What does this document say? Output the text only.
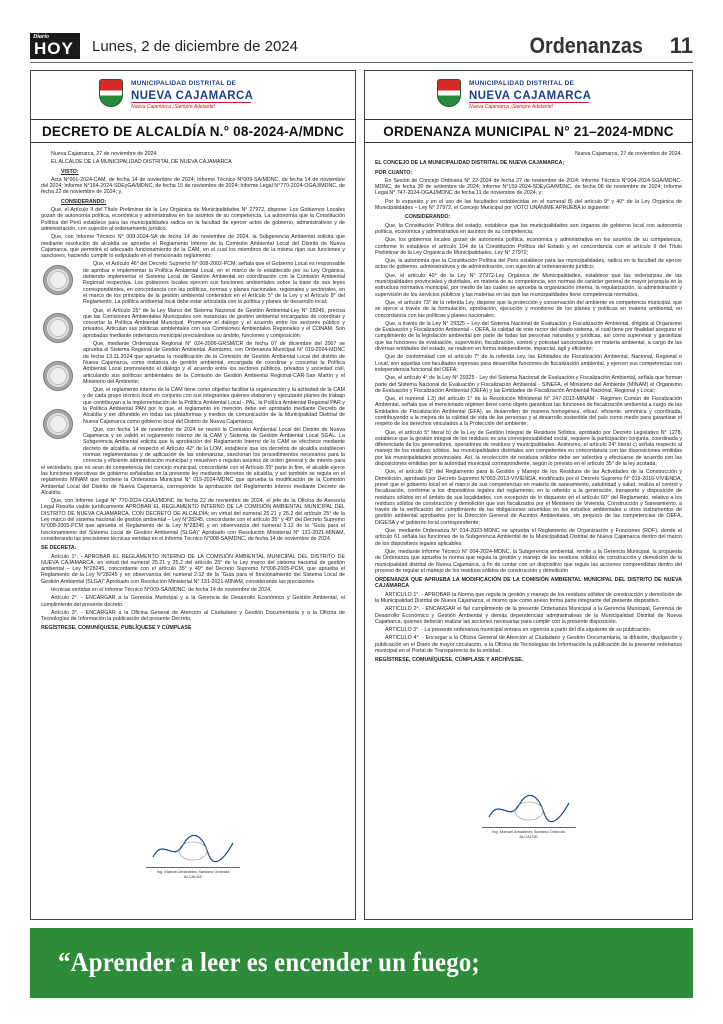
Diario
HOY Lunes, 2 de diciembre de 2024	Ordenanzas 11
MUNICIPALIDAD DISTRITAL DE
NUEVA CAJAMARCA
Nueva Cajamarca ¡Siempre Adelante!
DECRETO DE ALCALDÍA N.° 08-2024-A/MDNC

Nueva Cajamarca, 27 de noviembre de 2024

EL ALCALDE DE LA MUNICIPALIDAD DISTRITAL DE NUEVA CAJAMARCA

VISTO:

Acta N°001-2024-CAM, de fecha 14 de noviembre de 2024; Informe Técnico N°009-SA/MDNC, de fecha 14 de noviembre del 2024; Informe N°164-2024-SDEyGA/MDNC, de fecha 15 de noviembre de 2024; Informe Legal N°770-2024-OGAJ/MDNC, de fecha 22 de noviembre de 2024; y,

CONSIDERANDO:

Que, el Artículo II del Título Preliminar de la Ley Orgánica de Municipalidades N° 27972, dispone: Los Gobiernos Locales gozan de autonomía política, económica y administrativa en los asuntos de su competencia. La autonomía que la Constitución Política del Perú establece para las municipalidades radica en la facultad de ejercer actos de gobierno, administrativos y de administración, con sujeción al ordenamiento jurídico.

Que, con Informe Técnico N° 008-2024-SA de fecha 14 de noviembre de 2024, la Subgerencia Ambiental solicita que mediante resolución de alcaldía se apruebe el Reglamento Interno de la Comisión Ambiental Local del Distrito de Nueva Cajamarca, que permitirá el adecuado funcionamiento de la CAM, en el cual los miembros de la misma rijan sus funciones y sanciones, haciendo cumplir lo estipulado en el mencionado reglamento;

Que, el Artículo 46° del Decreto Supremo N° 008-2002-PCM, señala que el Gobierno Local es responsable de aprobar e implementar la Política Ambiental Local, en el marco de lo establecido por su Ley Orgánica, debiendo implementar el Sistema Local de Gestión Ambiental en coordinación con la Comisión Ambiental Regional respectiva. Los gobiernos locales ejercen sus funciones ambientales sobre la base de sus leyes correspondientes, en concordancia con las políticas, normas y planes nacionales, regionales y sectoriales, en el marco de los principios de la gestión ambiental contenidos en el Artículo 5° de la Ley y el Artículo 8° del Reglamento. La política ambiental local debe estar articulada con la política y planes de desarrollo local;

Que, el Artículo 25° de la Ley Marco del Sistema Nacional de Gestión Ambiental-Ley N° 28245, precisa que las Comisiones Ambientales Municipales son instancias de gestión ambiental encargadas de coordinar y concertar la Política Ambiental Municipal. Promueve el diálogo y el acuerdo entre los sectores público y privados. Articulan sus políticas ambientales con sus Comisiones Ambientales Regionales y el CONAM. Son aprobadas mediante ordenanza municipal precisándose su ámbito, funciones y composición;

Que, mediante Ordenanza Regional N° 024-2006-GRSM/CR de fecha 07 de diciembre del 2007 se aprueba el Sistema Regional de Gestión Ambiental. Asimismo, con Ordenanza Municipal N° 019-2024-MDNC de fecha 13.11.2024 que aprueba la modificación de la Comisión de Gestión Ambiental Local del distrito de Nueva Cajamarca, como instancia de gestión ambiental, encargada de coordinar y concertar la Política Ambiental Local promoviendo el diálogo y el acuerdo entre los sectores públicos, privados y sociedad civil, articulando sus políticas ambientales de la Comisión de Gestión Ambiental Regional-CAR-San Martín y el Ministerio del Ambiente;

Que, el reglamento interno de la CAM tiene como objetivo facilitar la organización y la actividad de la CAM y de cada grupo técnico local en conjunto con sus integrantes quienes elaboran y ejecutarán planes de trabajo que contribuyan a la implementación de la Política Ambiental Local - PAL, la Política Ambiental Regional PAR y la Política Ambiental PAN por lo que, el reglamento en mención debe ser aprobado mediante Decreto de Alcaldía y ser difundido en todas las plataformas y medios de comunicación de la Municipalidad Distrital de Nueva Cajamarca como gobierno local del Distrito de Nueva Cajamarca;

Que, con fecha 14 de noviembre de 2024 se reunió la Comisión Ambiental Local del Distrito de Nueva Cajamarca y se validó el reglamento interno de la CAM y Sistema de Gestión Ambiental Local SGAL. La Subgerencia Ambiental solicita que la aprobación del Reglamento Interno de la CAM se efectivice mediante decreto de alcaldía, al respecto el Artículo 42° de la LOM, establece que los decretos de alcaldía establecen normas reglamentarias y de aplicación de las ordenanzas, sancionan los procedimientos necesarios para la correcta y eficiente administración municipal y resuelven o regulan asuntos de orden general y de interés para el vecindario, que no sean de competencia del concejo municipal, concordante con el Artículo 39° parte in fine, el alcalde ejerce las funciones ejecutivas de gobierno señaladas en la presente ley mediante decretos de alcaldía, y así también se regula en el reglamento MINAM que contiene la Ordenanza Municipal N° 019-2024-MDNC que aprueba la modificación de la Comisión Ambiental Local del Distrito de Nueva Cajamarca, corresponde la aprobación del Reglamento Interno mediante Decreto de Alcaldía;

Que, con Informe Legal N° 770-2024-OGAJ/MDNC de fecha 22 de noviembre de 2024, el jefe de la Oficina de Asesoría Legal Resulta viable jurídicamente APROBAR EL REGLAMENTO INTERNO DE LA COMISIÓN AMBIENTAL MUNICIPAL DEL DISTRITO DE NUEVA CAJAMARCA, CON DECRETO DE ALCALDÍA; en virtud del numeral 25.21 y 25.2 del artículo 25° de la Ley marco del sistema nacional de gestión ambiental – Ley N°28245, concordante con el artículo 35° y 49° del Decreto Supremo N°008-2005-PCM que aprueba el Reglamento de la Ley N°28245 y en observancia del numeral 2.12 de la “Guía para el funcionamiento del Sistema Local de Gestión Ambiental (SLGA)” Aprobado con Resolución Ministerial N° 131-2021-MINAM, considerando las precisiones técnicas vertidas en el Informe Técnico N°008-SA/MDNC, de fecha 14 de noviembre de 2024.

SE DECRETA:

Artículo 1°. - APROBAR EL REGLAMENTO INTERNO DE LA COMISIÓN AMBIENTAL MUNICIPAL DEL DISTRITO DE NUEVA CAJAMARCA, en virtud del numeral 25.21 y 25.2 del artículo 25° de la Ley marco del sistema nacional de gestión ambiental – Ley N°28245, concordante con el artículo 35° y 49° del Decreto Supremo N°008-2005-PCM, que aprueba el Reglamento de la Ley N°28245 y en observancia del numeral 2.12 de la “Guía para el funcionamiento del Sistema Local de Gestión Ambiental (SLGA)” Aprobado con Resolución Ministerial N° 131-2021-MINAM, considerando las precisiones

técnicas vertidas en el Informe Técnico N°009-SA/MDNC, de fecha 14 de noviembre de 2024.

Artículo 2°. - ENCARGAR a la Gerencia Municipal y a la Gerencia de Desarrollo Económico y Gestión Ambiental, el cumplimiento del presente decreto.

Artículo 3°. - ENCARGAR a la Oficina General de Atención al Ciudadano y Gestión Documentaria y a la Oficina de Tecnologías de Información la publicación del presente Decreto.

REGÍSTRESE, COMUNÍQUESE, PUBLÍQUESE Y CÚMPLASE

Ing. Manuel Aristóteles Santana Ordinola
ALCALDE
MUNICIPALIDAD DISTRITAL DE
NUEVA CAJAMARCA
Nueva Cajamarca ¡Siempre Adelante!
ORDENANZA MUNICIPAL N° 21–2024-MDNC

Nueva Cajamarca, 27 de noviembre de 2024.

EL CONCEJO DE LA MUNICIPALIDAD DISTRITAL DE NUEVA CAJAMARCA;

POR CUANTO:

En Sesión de Concejo Ordinaria N° 22-2024 de fecha 27 de noviembre de 2024; Informe Técnico N°004-2024-SGA/MDNC-MDNC, de fecha 30 de setiembre de 2024; Informe N°159-2024-SDEyGA/MDNC, de fecha 06 de noviembre de 2024; Informe Legal N° 747-2024-OGAJ/MDNC de fecha 11 de noviembre de 2024, y;

Por lo expuesto y en el uso de las facultades establecidas en el numeral 8) del artículo 9° y 40° de la Ley Orgánica de Municipalidades – Ley N° 27972, el Concejo Municipal por VOTO UNÁNIME APRUEBA lo siguiente:

CONSIDERANDO:

Que, la Constitución Política del estado, establece que las municipalidades son órganos de gobierno local con autonomía política, económica y administrativa en asuntos de su competencia;

Que, los gobiernos locales gozan de autonomía política, económica y administrativa en los asuntos de su competencia, conforme lo establece el artículo 194 de la Constitución Política del Estado y en concordancia con el artículo II del Título Preliminar de la Ley Orgánica de Municipalidades, Ley N° 27972;

Que, la autonomía que la Constitución Política del Perú establece para las municipalidades, radica en la facultad de ejercer actos de gobierno, administrativos y de administración, con sujeción al ordenamiento jurídico;

Que, el artículo 40° de la Ley N° 27972-Ley Orgánica de Municipalidades, establece que las ordenanzas de las municipalidades provinciales y distritales, en materia de su competencia, son normas de carácter general de mayor jerarquía en la estructura normativa municipal, por medio de las cuales se aprueba la organización interna, la regularización, la administración y supervisión de los servicios públicos y las materias en las que las municipalidades tiene competencia normativa;

Que, el artículo 73° de la referida Ley, dispone que la protección y conservación del ambiente es competencia municipal, que se ejerce a través de la formulación, aprobación, ejecución y monitoreo de los planes y políticas en materia ambiental, en concordancia con las políticas y planes nacionales;

Que, a través de la Ley N° 29325 – Ley del Sistema Nacional de Evaluación y Fiscalización Ambiental, dirigida al Organismo de Evaluación y Fiscalización Ambiental – OEFA, la calidad de ente rector del citado sistema, el cual tiene por finalidad asegurar el cumplimiento de la legislación ambiental por parte de todas las personas naturales y jurídicas, así como supervisar y garantizar que las funciones de evaluación, supervisión, fiscalización, control y potestad sancionadora en materia ambiental, a cargo de las diversas entidades del estado, se realicen en forma independiente, imparcial, ágil y eficiente;

Que de conformidad con el artículo 7° de la referida Ley, las Entidades de Fiscalización Ambiental, Nacional, Regional o Local, son aquellas con facultades expresas para desarrollar funciones de fiscalización ambiental, y ejercen sus competencias con independencia funcional del OEFA;

Que, el artículo 4° de la Ley N° 29325 - Ley del Sistema Nacional de Evaluación y Fiscalización Ambiental, señala que forman parte del Sistema Nacional de Evaluación y Fiscalización Ambiental - SINEFA, el Ministerio del Ambiente (MINAM) el Organismo de Evaluación y Fiscalización Ambiental (OEFA) y las Entidades de Fiscalización Ambiental Nacional, Regional y Local;

Que, el numeral 1.3) del artículo 1° de la Resolución Ministerial N° 247-2013-MINAM - Régimen Común de Fiscalización Ambiental, señala que el mencionado régimen tiene como objeto garantizar las funciones de fiscalización ambiental a cargo de las Entidades de Fiscalización Ambiental (EFA), se desarrollen de manera homogénea, eficaz, eficiente, armónica y coordinada, contribuyendo a la mejora de la calidad de vida de las personas y al desarrollo sostenible del país como medio para garantizar el respeto de los derechos vinculados a la Protección del ambiente;

Que, el artículo 5° literal b) de la Ley de Gestión Integral de Residuos Sólidos, aprobado por Decreto Legislativo N° 1278, establece que la gestión integral de los residuos es una corresponsabilidad social, requiere la participación conjunta, coordinada y diferenciada de los generadores, operadores de residuos y municipalidades. Asimismo, el artículo 24° literal c) señala respecto al manejo de los residuos sólidos, las municipalidades distritales son competentes en concordancia con las disposiciones emitidas por las municipalidades provinciales. Así, la recolección de residuos sólidos debe ser selectiva y efectuarse de acuerdo con las disposiciones emitidas por la autoridad municipal correspondiente, según lo previsto en el artículo 35° de la ley acotada;

Que, el artículo 63° del Reglamento para la Gestión y Manejo de los Residuos de las Actividades de la Construcción y Demolición, aprobado por Decreto Supremo N°003-2013-VIVIENDA, modificado por el Decreto Supremo N° 019-2016-VIVIENDA, prevé que el gobierno local en el marco de sus competencias en materia de saneamiento, salubridad y salud, realiza el control y fiscalización, conforme a los dispositivos legales del reglamento, en lo referido a la generación, transporte y disposición de residuos sólidos en el ámbito de sus localidades, con excepción de lo dispuesto en el artículo 60° del Reglamento, relativo a los residuos sólidos de construcción y demolición que son fiscalizados por el Ministerio de Vivienda, Construcción y Saneamiento, a través de la verificación del cumplimiento de las obligaciones asumidas en los estudios ambientales u otros instrumentos de gestión ambiental aprobados por la Dirección General de Asuntos Ambientales, sin perjuicio de las competencias de OEFA, DIGESA y el gobierno local correspondiente;

Que, mediante Ordenanza N° 014-2023-MDNC se aprueba el Reglamento de Organización y Funciones (ROF), donde el artículo 61 señala las funciones de la Subgerencia Ambiental de la Municipalidad Distrital de Nueva Cajamarca dentro del marco de los dispositivos legales aplicables.

Que, mediante Informe Técnico N° 004-2024-MDNC, la Subgerencia ambiental, remite a la Gerencia Municipal, la propuesta de Ordenanza que aprueba la norma que regula la gestión y manejo de los residuos sólidos de construcción y demolición de la municipalidad distrital de Nueva Cajamarca, a fin de contar con un dispositivo que regule las acciones comprendidas dentro del proceso de regular el manejo de los residuos sólidos de construcción y demolición

ORDENANZA QUE APRUEBA LA MODIFICACIÓN DE LA COMISIÓN AMBIENTAL MUNICIPAL DEL DISTRITO DE NUEVA CAJAMARCA

ARTICULO 1°. - APROBAR la Norma que regula la gestión y manejo de los residuos sólidos de construcción y demolición de la Municipalidad Distrital de Nueva Cajamarca, el mismo que como anexo forma parte integrante del presente dispositivo.

ARTICULO 2°. - ENCARGAR el fiel cumplimiento de la presente Ordenanza Municipal a la Gerencia Municipal, Gerencia de Desarrollo Económico y Gestión Ambiental y demás dependencias administrativas de la Municipalidad Distrital de Nueva Cajamarca, quienes deberán realizar las acciones necesarias para cumplir con la presente disposición.

ARTICULO 3°. - La presente ordenanza municipal entrara en vigencia a partir del día siguiente de su publicación.

ARTICULO 4°. - Encargar a la Oficina General de Atención al Ciudadano y Gestión Documentaria, la difusión, divulgación y publicación en el Diario de mayor circulación, a la Oficina de Tecnologías de Información la publicación de la presente ordenanza municipal en el Portal de Transparencia de la entidad.

REGÍSTRESE, COMUNÍQUESE, CÚMPLASE Y ARCHÍVESE.

Ing. Manuel Aristóteles Santana Ordinola
ALCALDE
“Aprender a leer es encender un fuego;
